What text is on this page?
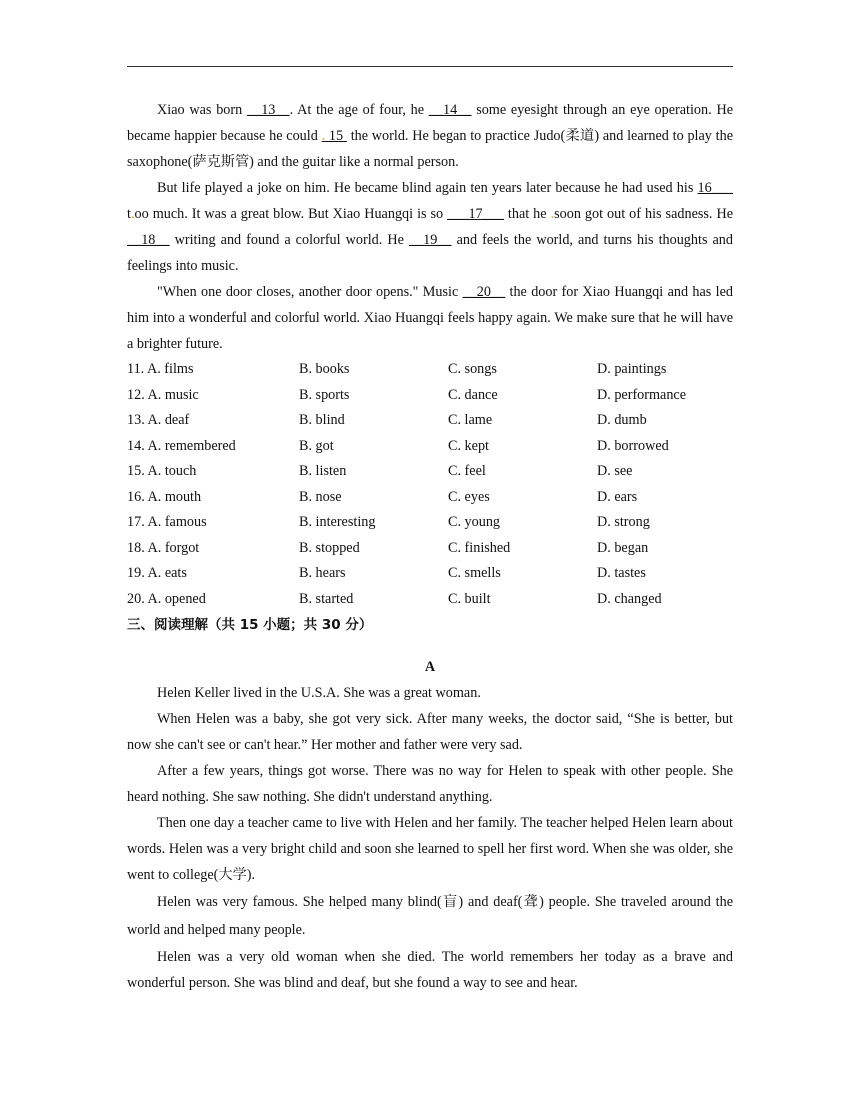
Xiao was born __13__. At the age of four, he __14__ some eyesight through an eye operation. He became happier because he could . 15  the world. He began to practice Judo(柔道) and learned to play the saxophone(萨克斯管) and the guitar like a normal person.

But life played a joke on him. He became blind again ten years later because he had used his 16___ t.oo much. It was a great blow. But Xiao Huangqi is so ___17___ that he .soon got out of his sadness. He __18__ writing and found a colorful world. He __19__ and feels the world, and turns his thoughts and feelings into music.

"When one door closes, another door opens." Music __20__ the door for Xiao Huangqi and has led him into a wonderful and colorful world. Xiao Huangqi feels happy again. We make sure that he will have a brighter future.

11. A. films	B. books	C. songs	D. paintings
12. A. music	B. sports	C. dance	D. performance
13. A. deaf	B. blind	C. lame	D. dumb
14. A. remembered	B. got	C. kept	D. borrowed
15. A. touch	B. listen	C. feel	D. see
16. A. mouth	B. nose	C. eyes	D. ears
17. A. famous	B. interesting	C. young	D. strong
18. A. forgot	B. stopped	C. finished	D. began
19. A. eats	B. hears	C. smells	D. tastes
20. A. opened	B. started	C. built	D. changed

三、阅读理解（共 15 小题；共 30 分）

A

Helen Keller lived in the U.S.A. She was a great woman.

When Helen was a baby, she got very sick. After many weeks, the doctor said, “She is better, but now she can't see or can't hear.” Her mother and father were very sad.

After a few years, things got worse. There was no way for Helen to speak with other people. She heard nothing. She saw nothing. She didn't understand anything.

Then one day a teacher came to live with Helen and her family. The teacher helped Helen learn about words. Helen was a very bright child and soon she learned to spell her first word. When she was older, she went to college(大学).

Helen was very famous. She helped many blind(盲) and deaf(聋) people. She traveled around the world and helped many people.

Helen was a very old woman when she died. The world remembers her today as a brave and wonderful person. She was blind and deaf, but she found a way to see and hear.
